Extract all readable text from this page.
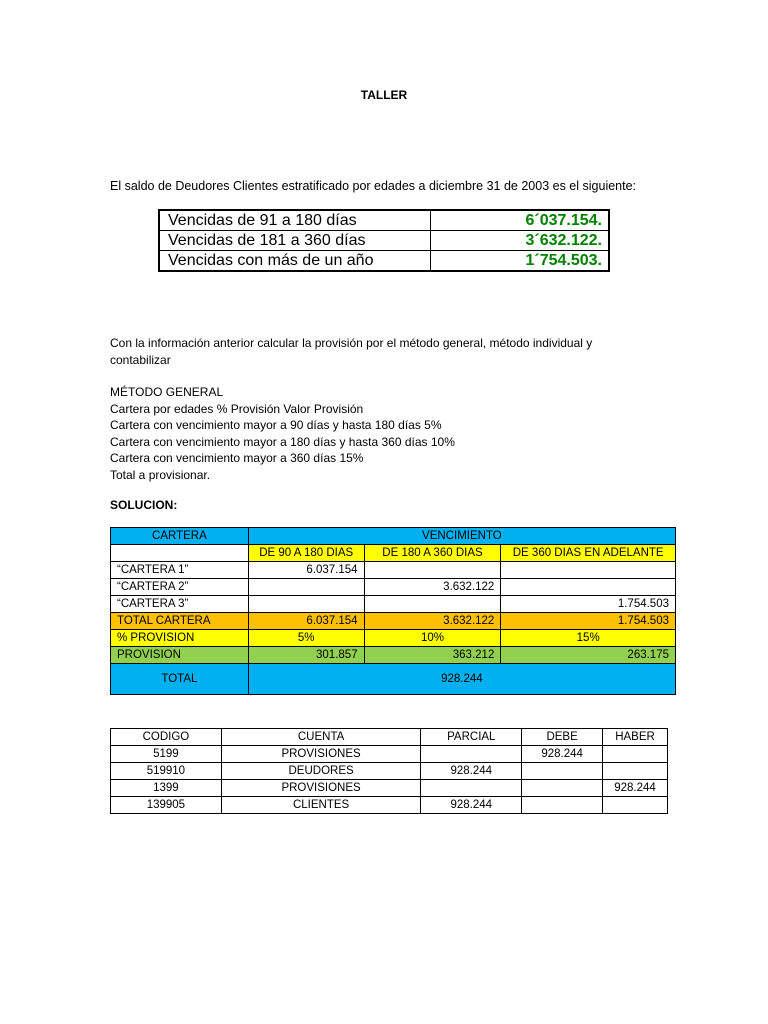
TALLER
El saldo de Deudores Clientes estratificado por edades a diciembre 31 de 2003 es el siguiente:
Vencidas de 91 a 180 días	6´037.154.
Vencidas de 181 a 360 días	3´632.122.
Vencidas con más de un año	1´754.503.
Con la información anterior calcular la provisión por el método general, método individual y
contabilizar
MÉTODO GENERAL
Cartera por edades % Provisión Valor Provisión
Cartera con vencimiento mayor a 90 días y hasta 180 días 5%
Cartera con vencimiento mayor a 180 días y hasta 360 días 10%
Cartera con vencimiento mayor a 360 días 15%
Total a provisionar.
SOLUCION:
CARTERA	VENCIMIENTO		
	DE 90 A 180 DIAS	DE 180 A 360 DIAS	DE 360 DIAS EN ADELANTE
“CARTERA 1”	6.037.154		
“CARTERA 2”		3.632.122	
“CARTERA 3”			1.754.503
TOTAL CARTERA	6.037.154	3.632.122	1.754.503
% PROVISION	5%	10%	15%
PROVISION	301.857	363.212	263.175
TOTAL	928.244		
CODIGO	CUENTA	PARCIAL	DEBE	HABER
5199	PROVISIONES		928.244	
519910	DEUDORES	928.244		
1399	PROVISIONES			928.244
139905	CLIENTES	928.244		
